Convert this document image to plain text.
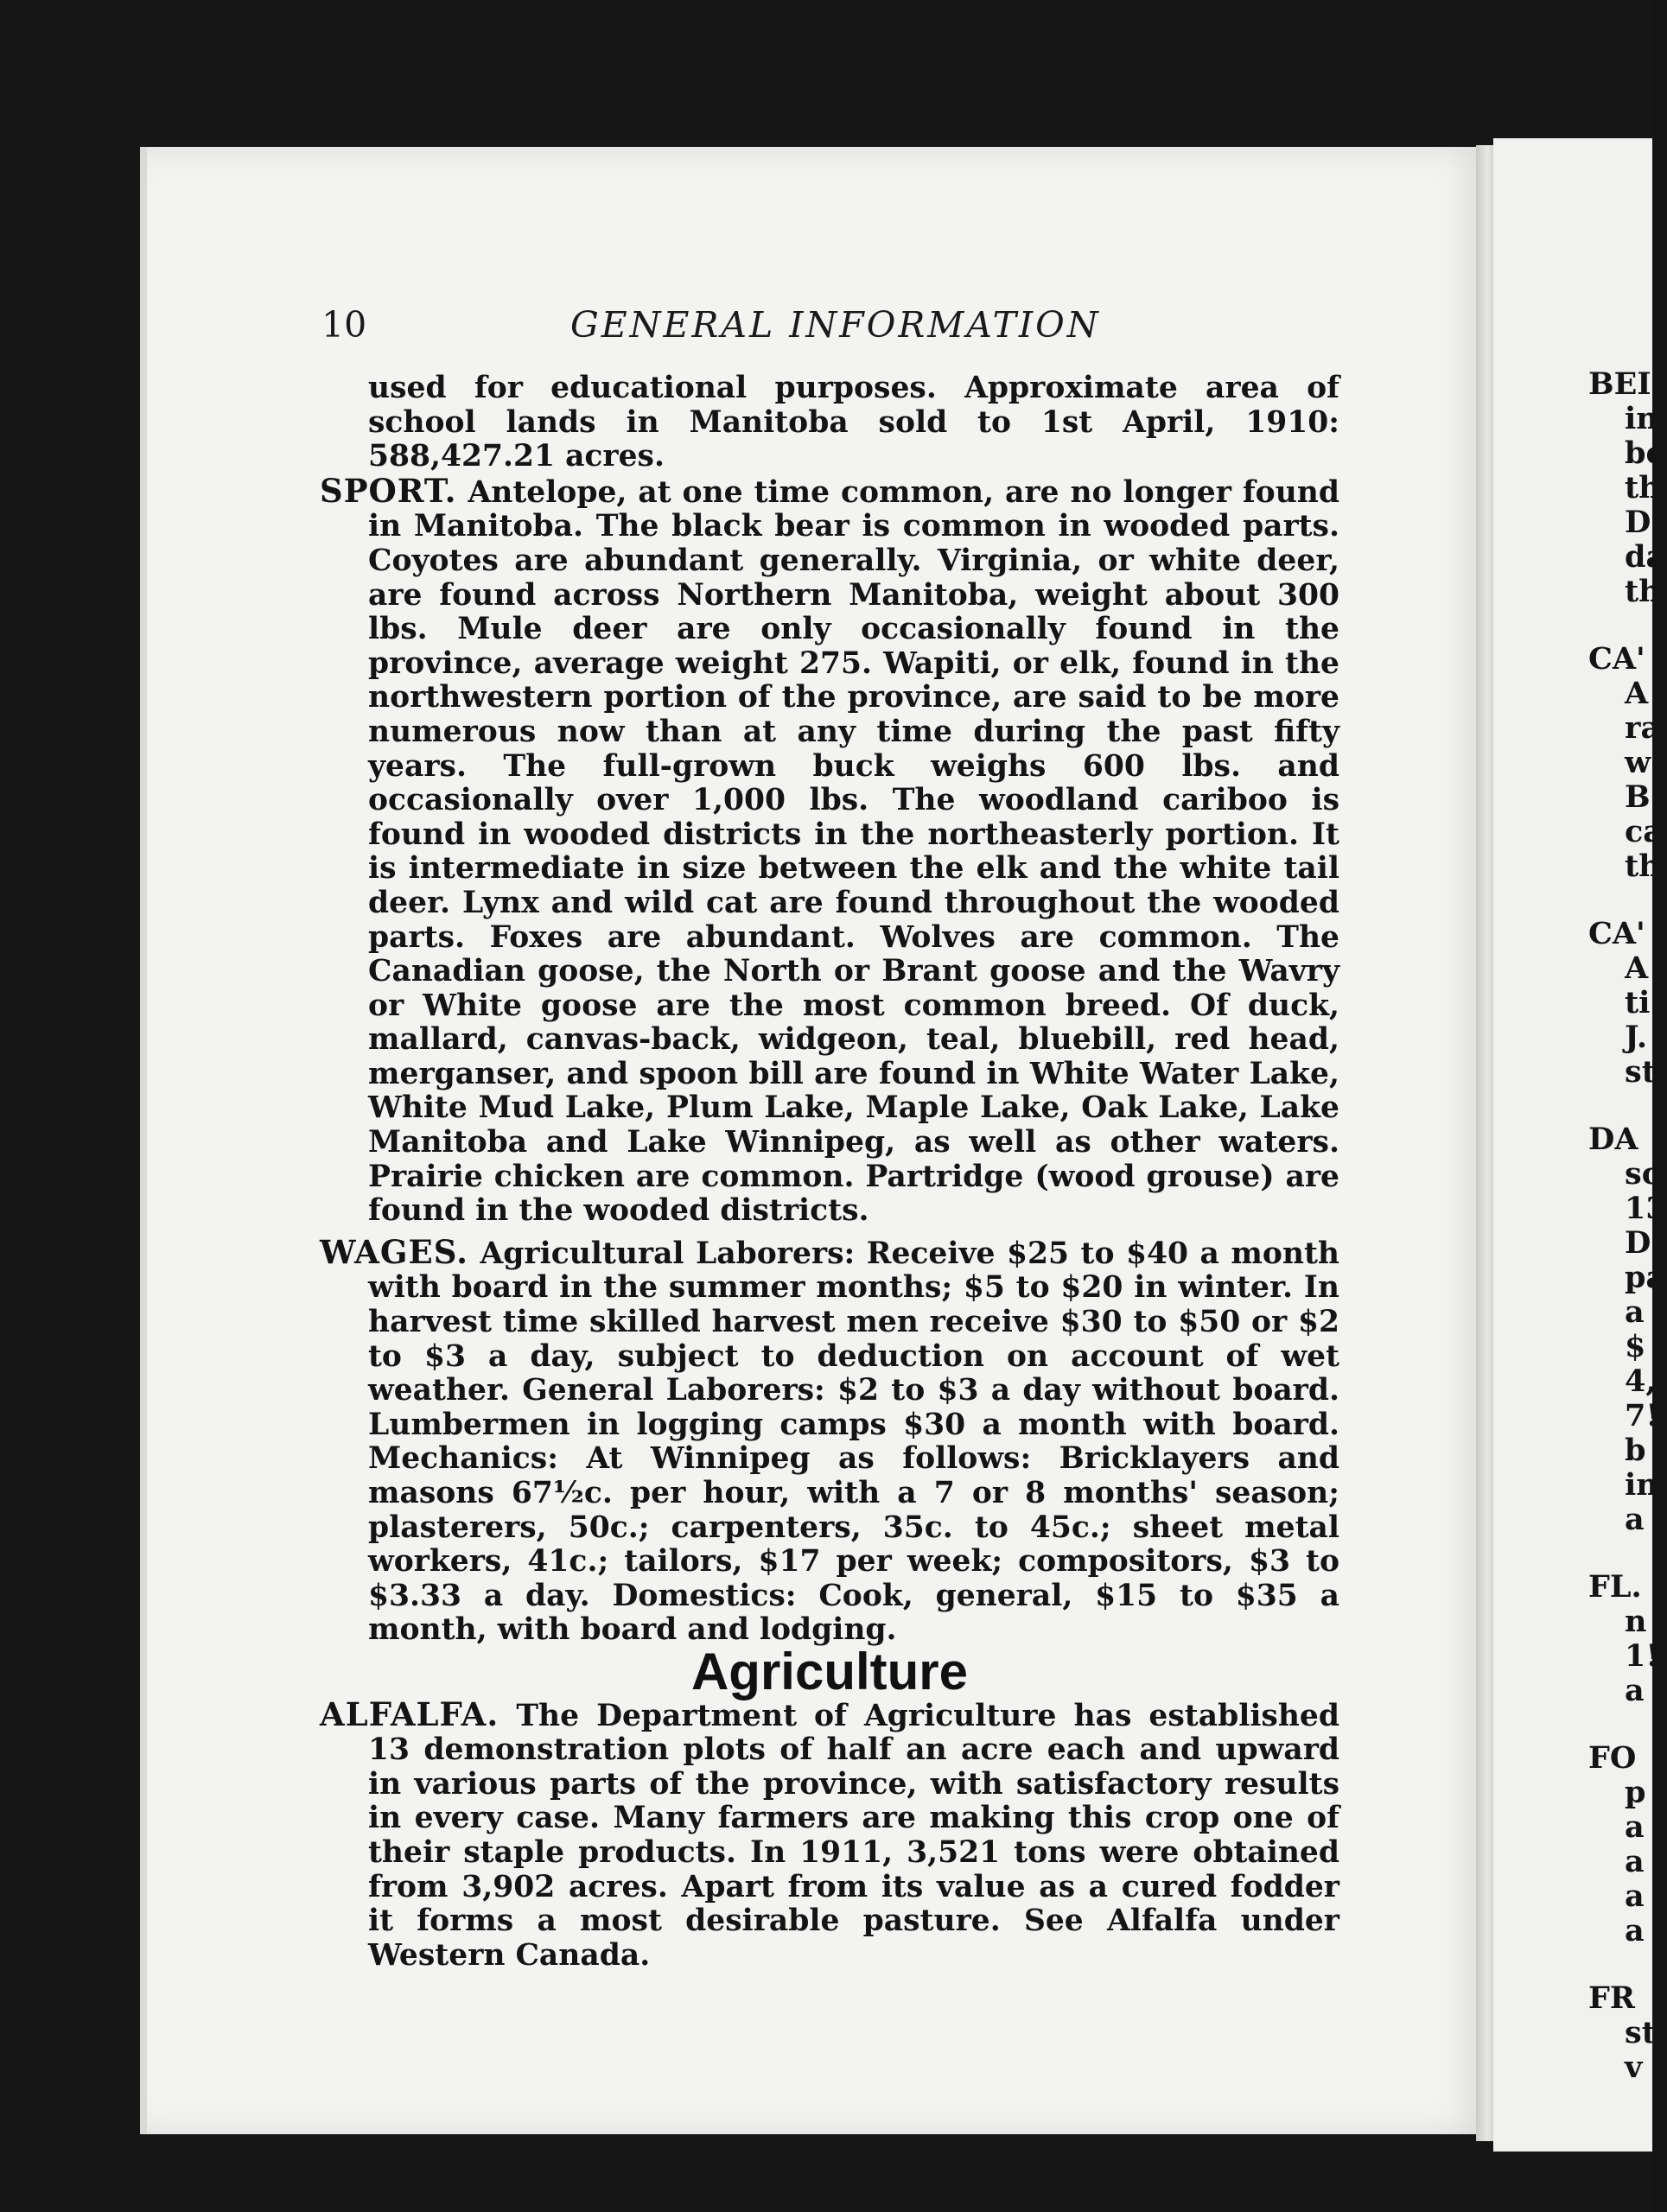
10	GENERAL INFORMATION
used for educational purposes. Approximate area of school lands in Manitoba sold to 1st April, 1910: 588,427.21 acres.
SPORT. Antelope, at one time common, are no longer found in Manitoba. The black bear is common in wooded parts. Coyotes are abundant generally. Virginia, or white deer, are found across Northern Manitoba, weight about 300 lbs. Mule deer are only occasionally found in the province, average weight 275. Wapiti, or elk, found in the northwestern portion of the province, are said to be more numerous now than at any time during the past fifty years. The full-grown buck weighs 600 lbs. and occasionally over 1,000 lbs. The woodland cariboo is found in wooded districts in the northeasterly portion. It is intermediate in size between the elk and the white tail deer. Lynx and wild cat are found throughout the wooded parts. Foxes are abundant. Wolves are common. The Canadian goose, the North or Brant goose and the Wavry or White goose are the most common breed. Of duck, mallard, canvas-back, widgeon, teal, bluebill, red head, merganser, and spoon bill are found in White Water Lake, White Mud Lake, Plum Lake, Maple Lake, Oak Lake, Lake Manitoba and Lake Winnipeg, as well as other waters. Prairie chicken are common. Partridge (wood grouse) are found in the wooded districts.
WAGES. Agricultural Laborers: Receive $25 to $40 a month with board in the summer months; $5 to $20 in winter. In harvest time skilled harvest men receive $30 to $50 or $2 to $3 a day, subject to deduction on account of wet weather. General Laborers: $2 to $3 a day without board. Lumbermen in logging camps $30 a month with board. Mechanics: At Winnipeg as follows: Bricklayers and masons 67½c. per hour, with a 7 or 8 months' season; plasterers, 50c.; carpenters, 35c. to 45c.; sheet metal workers, 41c.; tailors, $17 per week; compositors, $3 to $3.33 a day. Domestics: Cook, general, $15 to $35 a month, with board and lodging.
Agriculture
ALFALFA. The Department of Agriculture has established 13 demonstration plots of half an acre each and upward in various parts of the province, with satisfactory results in every case. Many farmers are making this crop one of their staple products. In 1911, 3,521 tons were obtained from 3,902 acres. Apart from its value as a cured fodder it forms a most desirable pasture. See Alfalfa under Western Canada.
BEI
in
be
th
D
da
th
CA'
A
ra
w
B
ca
th
CA'
A
ti
J.
st
DA
sc
13
D
pa
a
$
4,
7!
b
in
a
FL.
n
1!
a
FO
p
a
a
a
a
FR
st
v
